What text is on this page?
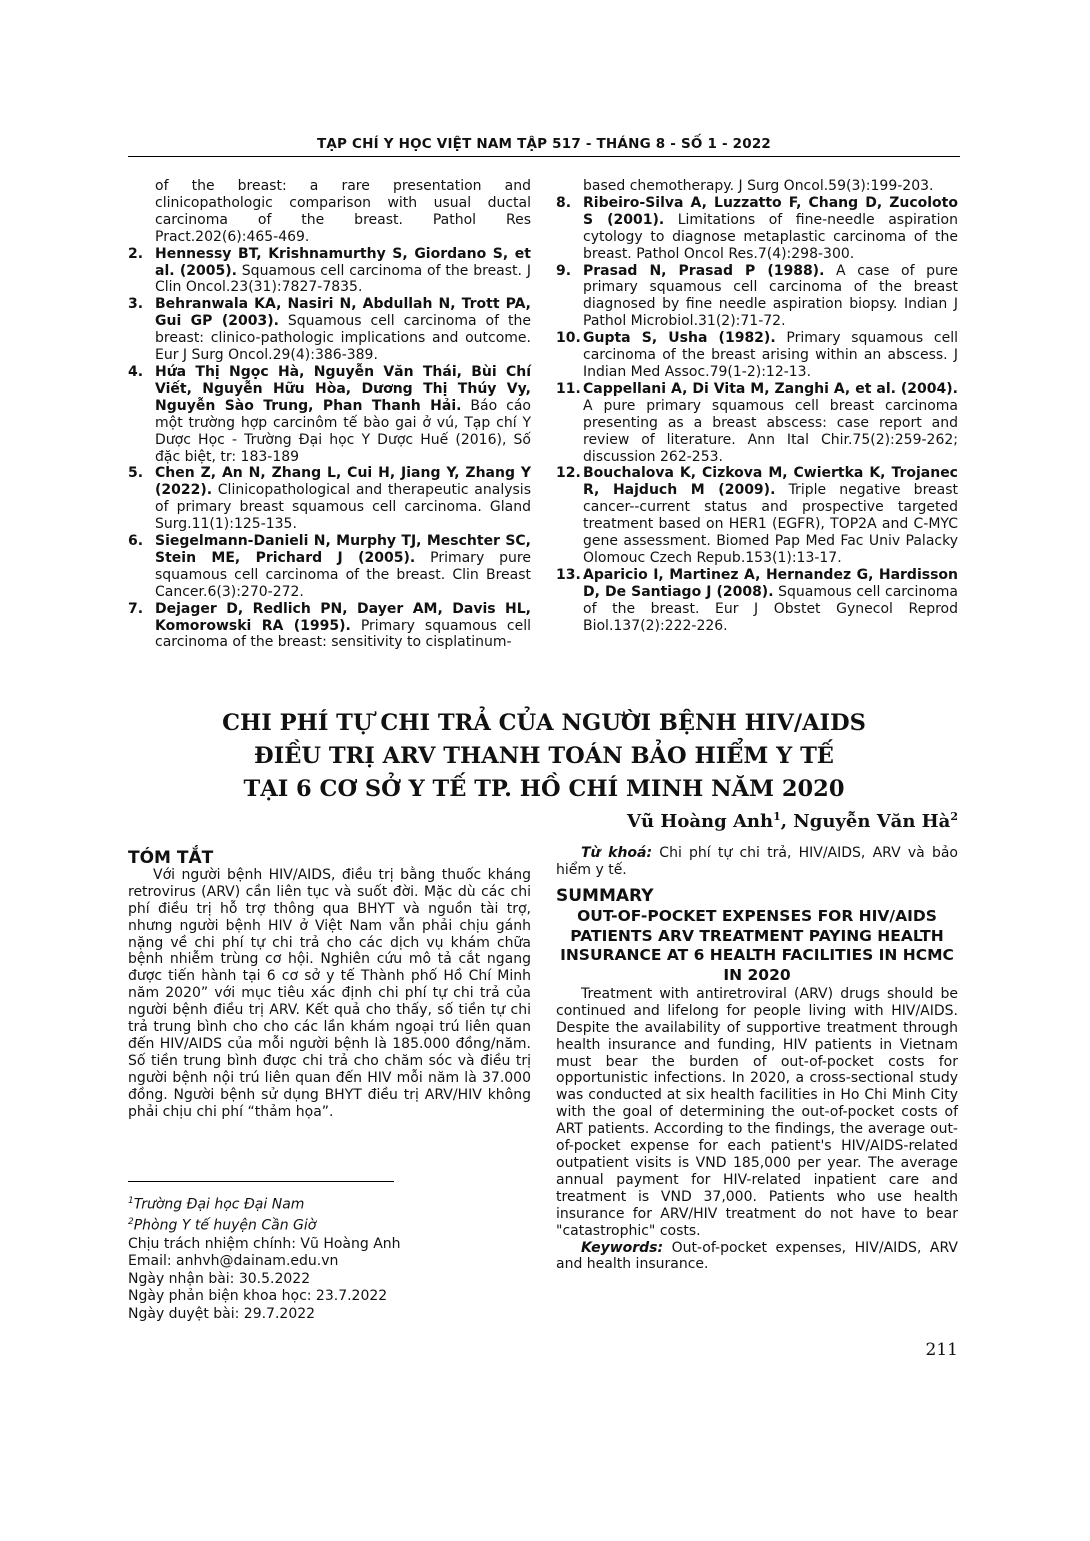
TẠP CHÍ Y HỌC VIỆT NAM TẬP 517 - THÁNG 8 - SỐ 1 - 2022
of the breast: a rare presentation and clinicopathologic comparison with usual ductal carcinoma of the breast. Pathol Res Pract.202(6):465-469.
2. Hennessy BT, Krishnamurthy S, Giordano S, et al. (2005). Squamous cell carcinoma of the breast. J Clin Oncol.23(31):7827-7835.
3. Behranwala KA, Nasiri N, Abdullah N, Trott PA, Gui GP (2003). Squamous cell carcinoma of the breast: clinico-pathologic implications and outcome. Eur J Surg Oncol.29(4):386-389.
4. Hứa Thị Ngọc Hà, Nguyễn Văn Thái, Bùi Chí Viết, Nguyễn Hữu Hòa, Dương Thị Thúy Vy, Nguyễn Sào Trung, Phan Thanh Hải. Báo cáo một trường hợp carcinôm tế bào gai ở vú, Tạp chí Y Dược Học - Trường Đại học Y Dược Huế (2016), Số đặc biệt, tr: 183-189
5. Chen Z, An N, Zhang L, Cui H, Jiang Y, Zhang Y (2022). Clinicopathological and therapeutic analysis of primary breast squamous cell carcinoma. Gland Surg.11(1):125-135.
6. Siegelmann-Danieli N, Murphy TJ, Meschter SC, Stein ME, Prichard J (2005). Primary pure squamous cell carcinoma of the breast. Clin Breast Cancer.6(3):270-272.
7. Dejager D, Redlich PN, Dayer AM, Davis HL, Komorowski RA (1995). Primary squamous cell carcinoma of the breast: sensitivity to cisplatinum-
based chemotherapy. J Surg Oncol.59(3):199-203.
8. Ribeiro-Silva A, Luzzatto F, Chang D, Zucoloto S (2001). Limitations of fine-needle aspiration cytology to diagnose metaplastic carcinoma of the breast. Pathol Oncol Res.7(4):298-300.
9. Prasad N, Prasad P (1988). A case of pure primary squamous cell carcinoma of the breast diagnosed by fine needle aspiration biopsy. Indian J Pathol Microbiol.31(2):71-72.
10. Gupta S, Usha (1982). Primary squamous cell carcinoma of the breast arising within an abscess. J Indian Med Assoc.79(1-2):12-13.
11. Cappellani A, Di Vita M, Zanghi A, et al. (2004). A pure primary squamous cell breast carcinoma presenting as a breast abscess: case report and review of literature. Ann Ital Chir.75(2):259-262; discussion 262-253.
12. Bouchalova K, Cizkova M, Cwiertka K, Trojanec R, Hajduch M (2009). Triple negative breast cancer--current status and prospective targeted treatment based on HER1 (EGFR), TOP2A and C-MYC gene assessment. Biomed Pap Med Fac Univ Palacky Olomouc Czech Repub.153(1):13-17.
13. Aparicio I, Martinez A, Hernandez G, Hardisson D, De Santiago J (2008). Squamous cell carcinoma of the breast. Eur J Obstet Gynecol Reprod Biol.137(2):222-226.
CHI PHÍ TỰ CHI TRẢ CỦA NGƯỜI BỆNH HIV/AIDS
ĐIỀU TRỊ ARV THANH TOÁN BẢO HIỂM Y TẾ
TẠI 6 CƠ SỞ Y TẾ TP. HỒ CHÍ MINH NĂM 2020
Vũ Hoàng Anh$^1$, Nguyễn Văn $Hà^2$
TÓM TẮT

Với người bệnh HIV/AIDS, điều trị bằng thuốc kháng retrovirus (ARV) cần liên tục và suốt đời. Mặc dù các chi phí điều trị hỗ trợ thông qua BHYT và nguồn tài trợ, nhưng người bệnh HIV ở Việt Nam vẫn phải chịu gánh nặng về chi phí tự chi trả cho các dịch vụ khám chữa bệnh nhiễm trùng cơ hội. Nghiên cứu mô tả cắt ngang được tiến hành tại 6 cơ sở y tế Thành phố Hồ Chí Minh năm 2020” với mục tiêu xác định chi phí tự chi trả của người bệnh điều trị ARV. Kết quả cho thấy, số tiền tự chi trả trung bình cho cho các lần khám ngoại trú liên quan đến HIV/AIDS của mỗi người bệnh là 185.000 đồng/năm. Số tiền trung bình được chi trả cho chăm sóc và điều trị người bệnh nội trú liên quan đến HIV mỗi năm là 37.000 đồng. Người bệnh sử dụng BHYT điều trị ARV/HIV không phải chịu chi phí “thảm họa”.

$^1$Trường Đại học Đại Nam
$^2$Phòng Y tế huyện Cần Giờ
Chịu trách nhiệm chính: Vũ Hoàng Anh
Email: anhvh@dainam.edu.vn
Ngày nhận bài: 30.5.2022
Ngày phản biện khoa học: 23.7.2022
Ngày duyệt bài: 29.7.2022

Từ khoá: Chi phí tự chi trả, HIV/AIDS, ARV và bảo hiểm y tế.

SUMMARY
OUT-OF-POCKET EXPENSES FOR HIV/AIDS PATIENTS ARV TREATMENT PAYING HEALTH INSURANCE AT 6 HEALTH FACILITIES IN HCMC IN 2020

Treatment with antiretroviral (ARV) drugs should be continued and lifelong for people living with HIV/AIDS. Despite the availability of supportive treatment through health insurance and funding, HIV patients in Vietnam must bear the burden of out-of-pocket costs for opportunistic infections. In 2020, a cross-sectional study was conducted at six health facilities in Ho Chi Minh City with the goal of determining the out-of-pocket costs of ART patients. According to the findings, the average out-of-pocket expense for each patient's HIV/AIDS-related outpatient visits is VND 185,000 per year. The average annual payment for HIV-related inpatient care and treatment is VND 37,000. Patients who use health insurance for ARV/HIV treatment do not have to bear "catastrophic" costs.

Keywords: Out-of-pocket expenses, HIV/AIDS, ARV and health insurance.

211
